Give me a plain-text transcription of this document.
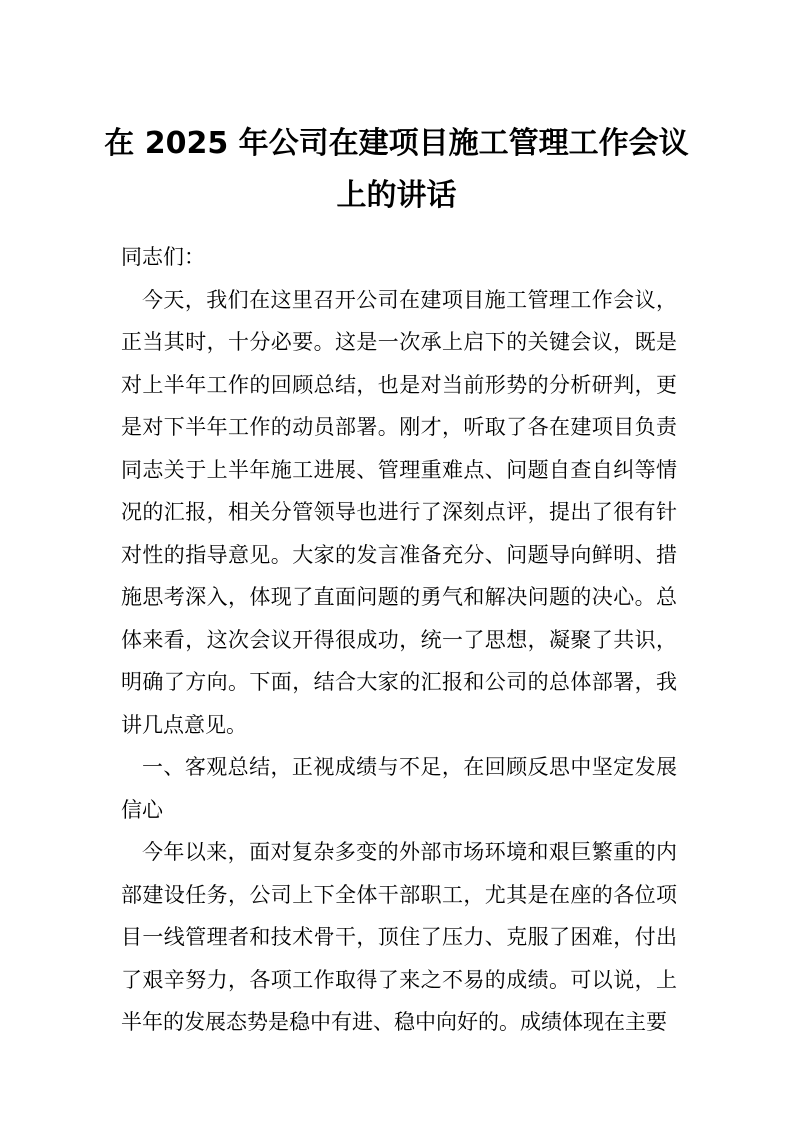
在 2025 年公司在建项目施工管理工作会议
上的讲话

同志们：

今天，我们在这里召开公司在建项目施工管理工作会议，正当其时，十分必要。这是一次承上启下的关键会议，既是对上半年工作的回顾总结，也是对当前形势的分析研判，更是对下半年工作的动员部署。刚才，听取了各在建项目负责同志关于上半年施工进展、管理重难点、问题自查自纠等情况的汇报，相关分管领导也进行了深刻点评，提出了很有针对性的指导意见。大家的发言准备充分、问题导向鲜明、措施思考深入，体现了直面问题的勇气和解决问题的决心。总体来看，这次会议开得很成功，统一了思想，凝聚了共识，明确了方向。下面，结合大家的汇报和公司的总体部署，我讲几点意见。

一、客观总结，正视成绩与不足，在回顾反思中坚定发展信心

今年以来，面对复杂多变的外部市场环境和艰巨繁重的内部建设任务，公司上下全体干部职工，尤其是在座的各位项目一线管理者和技术骨干，顶住了压力、克服了困难，付出了艰辛努力，各项工作取得了来之不易的成绩。可以说，上半年的发展态势是稳中有进、稳中向好的。成绩体现在主要
